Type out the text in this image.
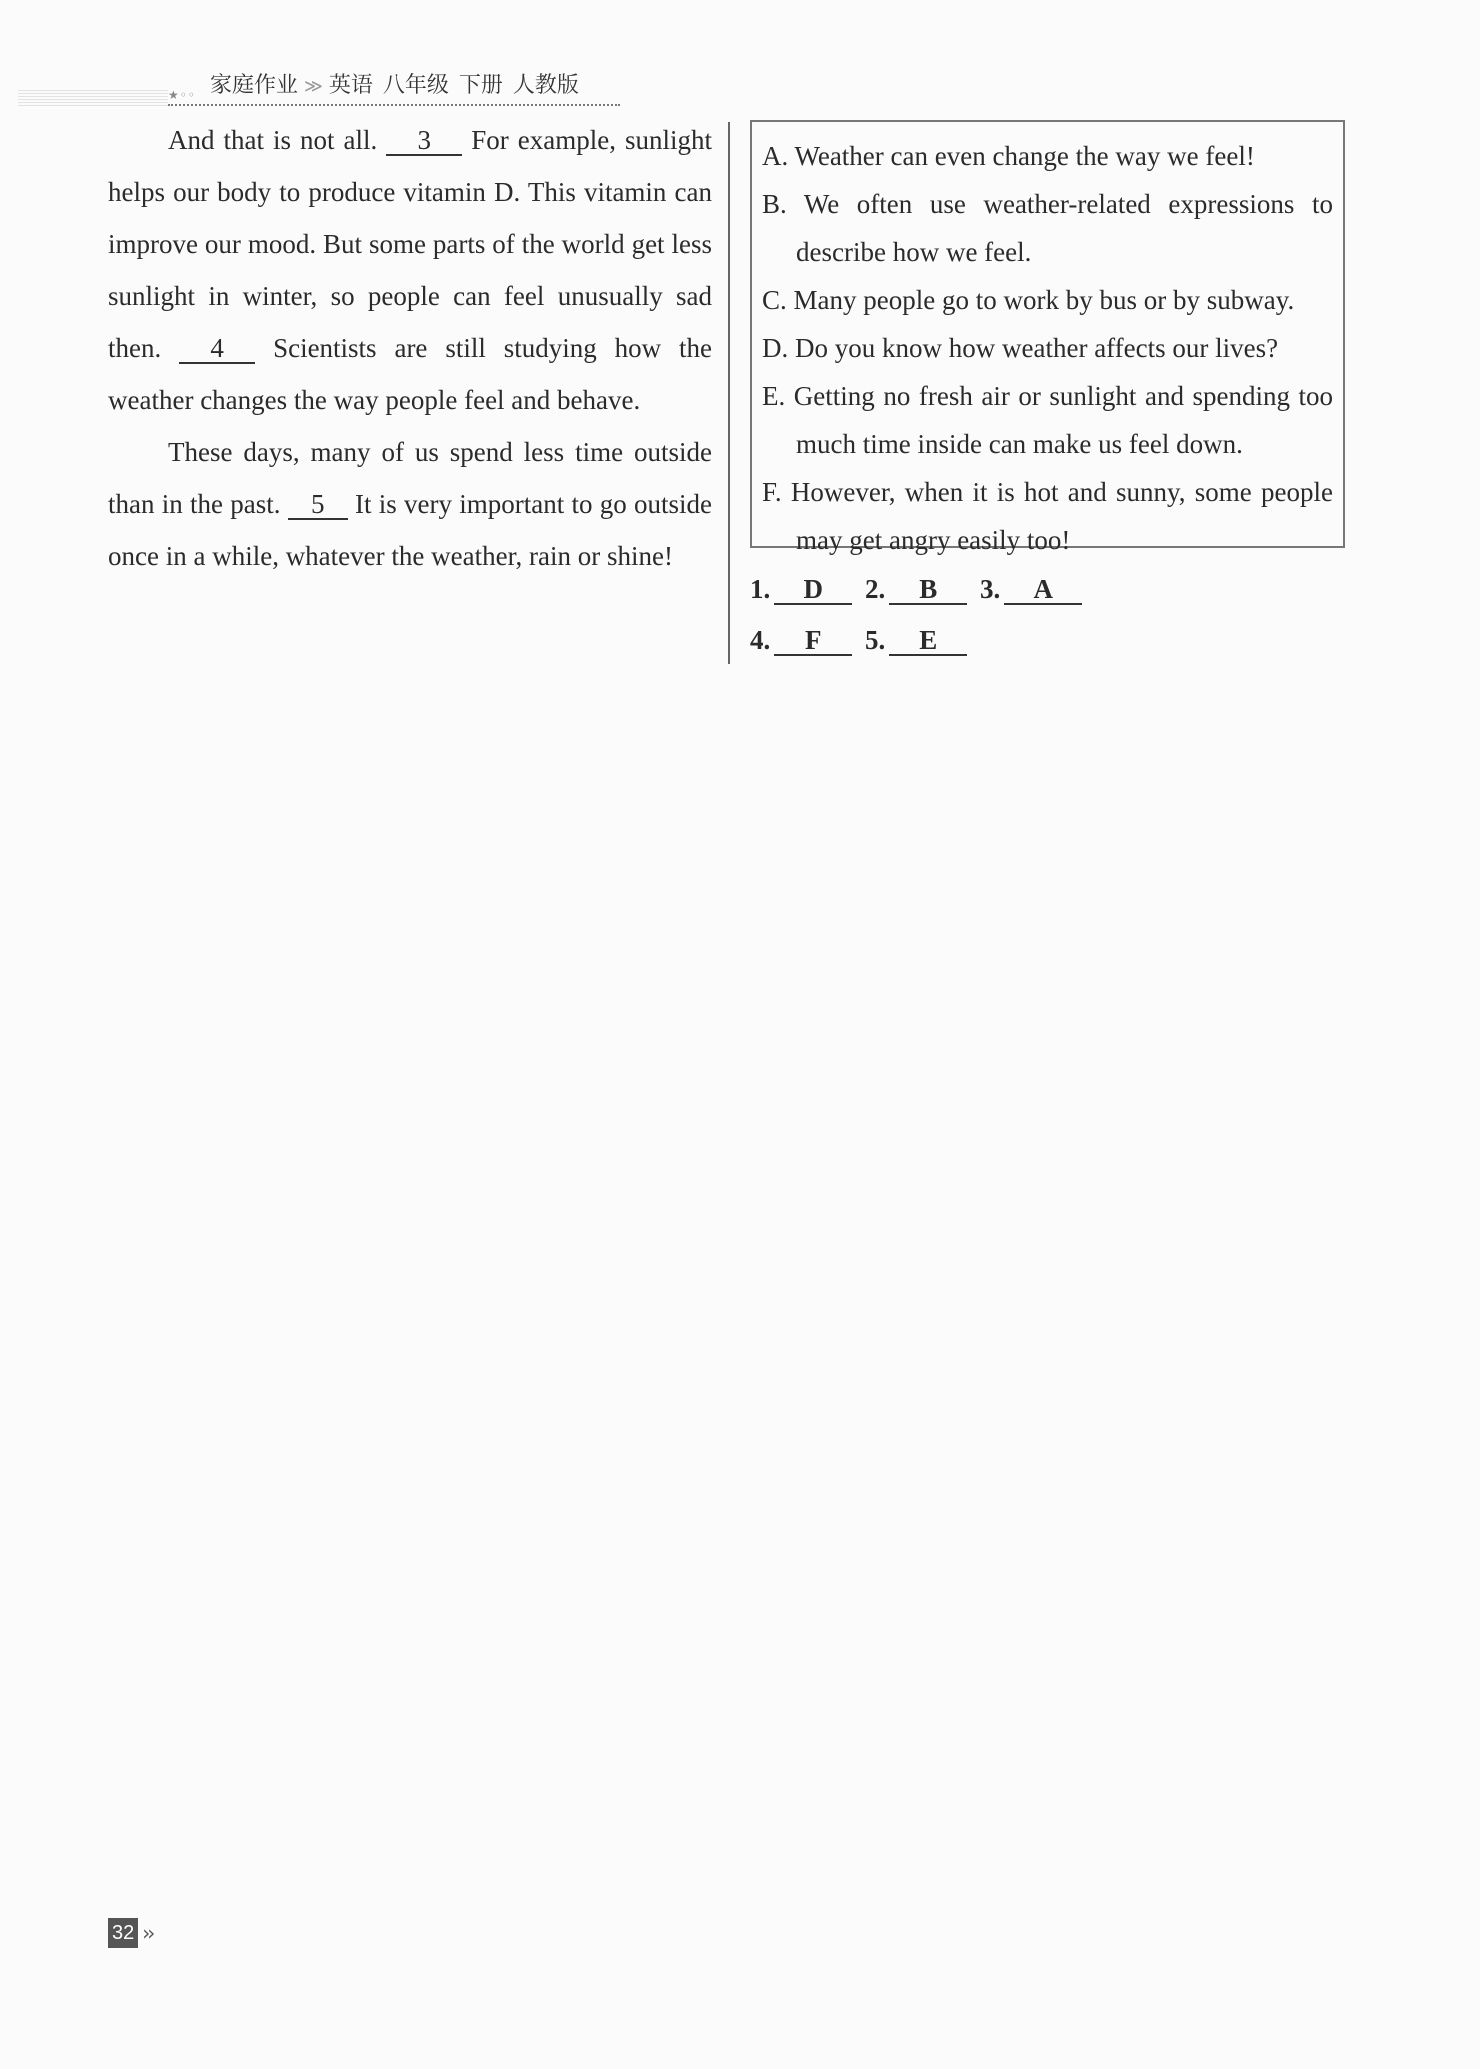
★◦◦ 家庭作业 ≫ 英语 八年级 下册 人教版

And that is not all. 3 For example, sunlight helps our body to produce vitamin D. This vitamin can improve our mood. But some parts of the world get less sunlight in winter, so people can feel unusually sad then. 4 Scientists are still studying how the weather changes the way people feel and behave.

These days, many of us spend less time outside than in the past. 5 It is very important to go outside once in a while, whatever the weather, rain or shine!

A. Weather can even change the way we feel!

B. We often use weather-related expressions to describe how we feel.

C. Many people go to work by bus or by subway.

D. Do you know how weather affects our lives?

E. Getting no fresh air or sunlight and spending too much time inside can make us feel down.

F. However, when it is hot and sunny, some people may get angry easily too!

1. D 2. B 3. A
4. F 5. E
32 ››
